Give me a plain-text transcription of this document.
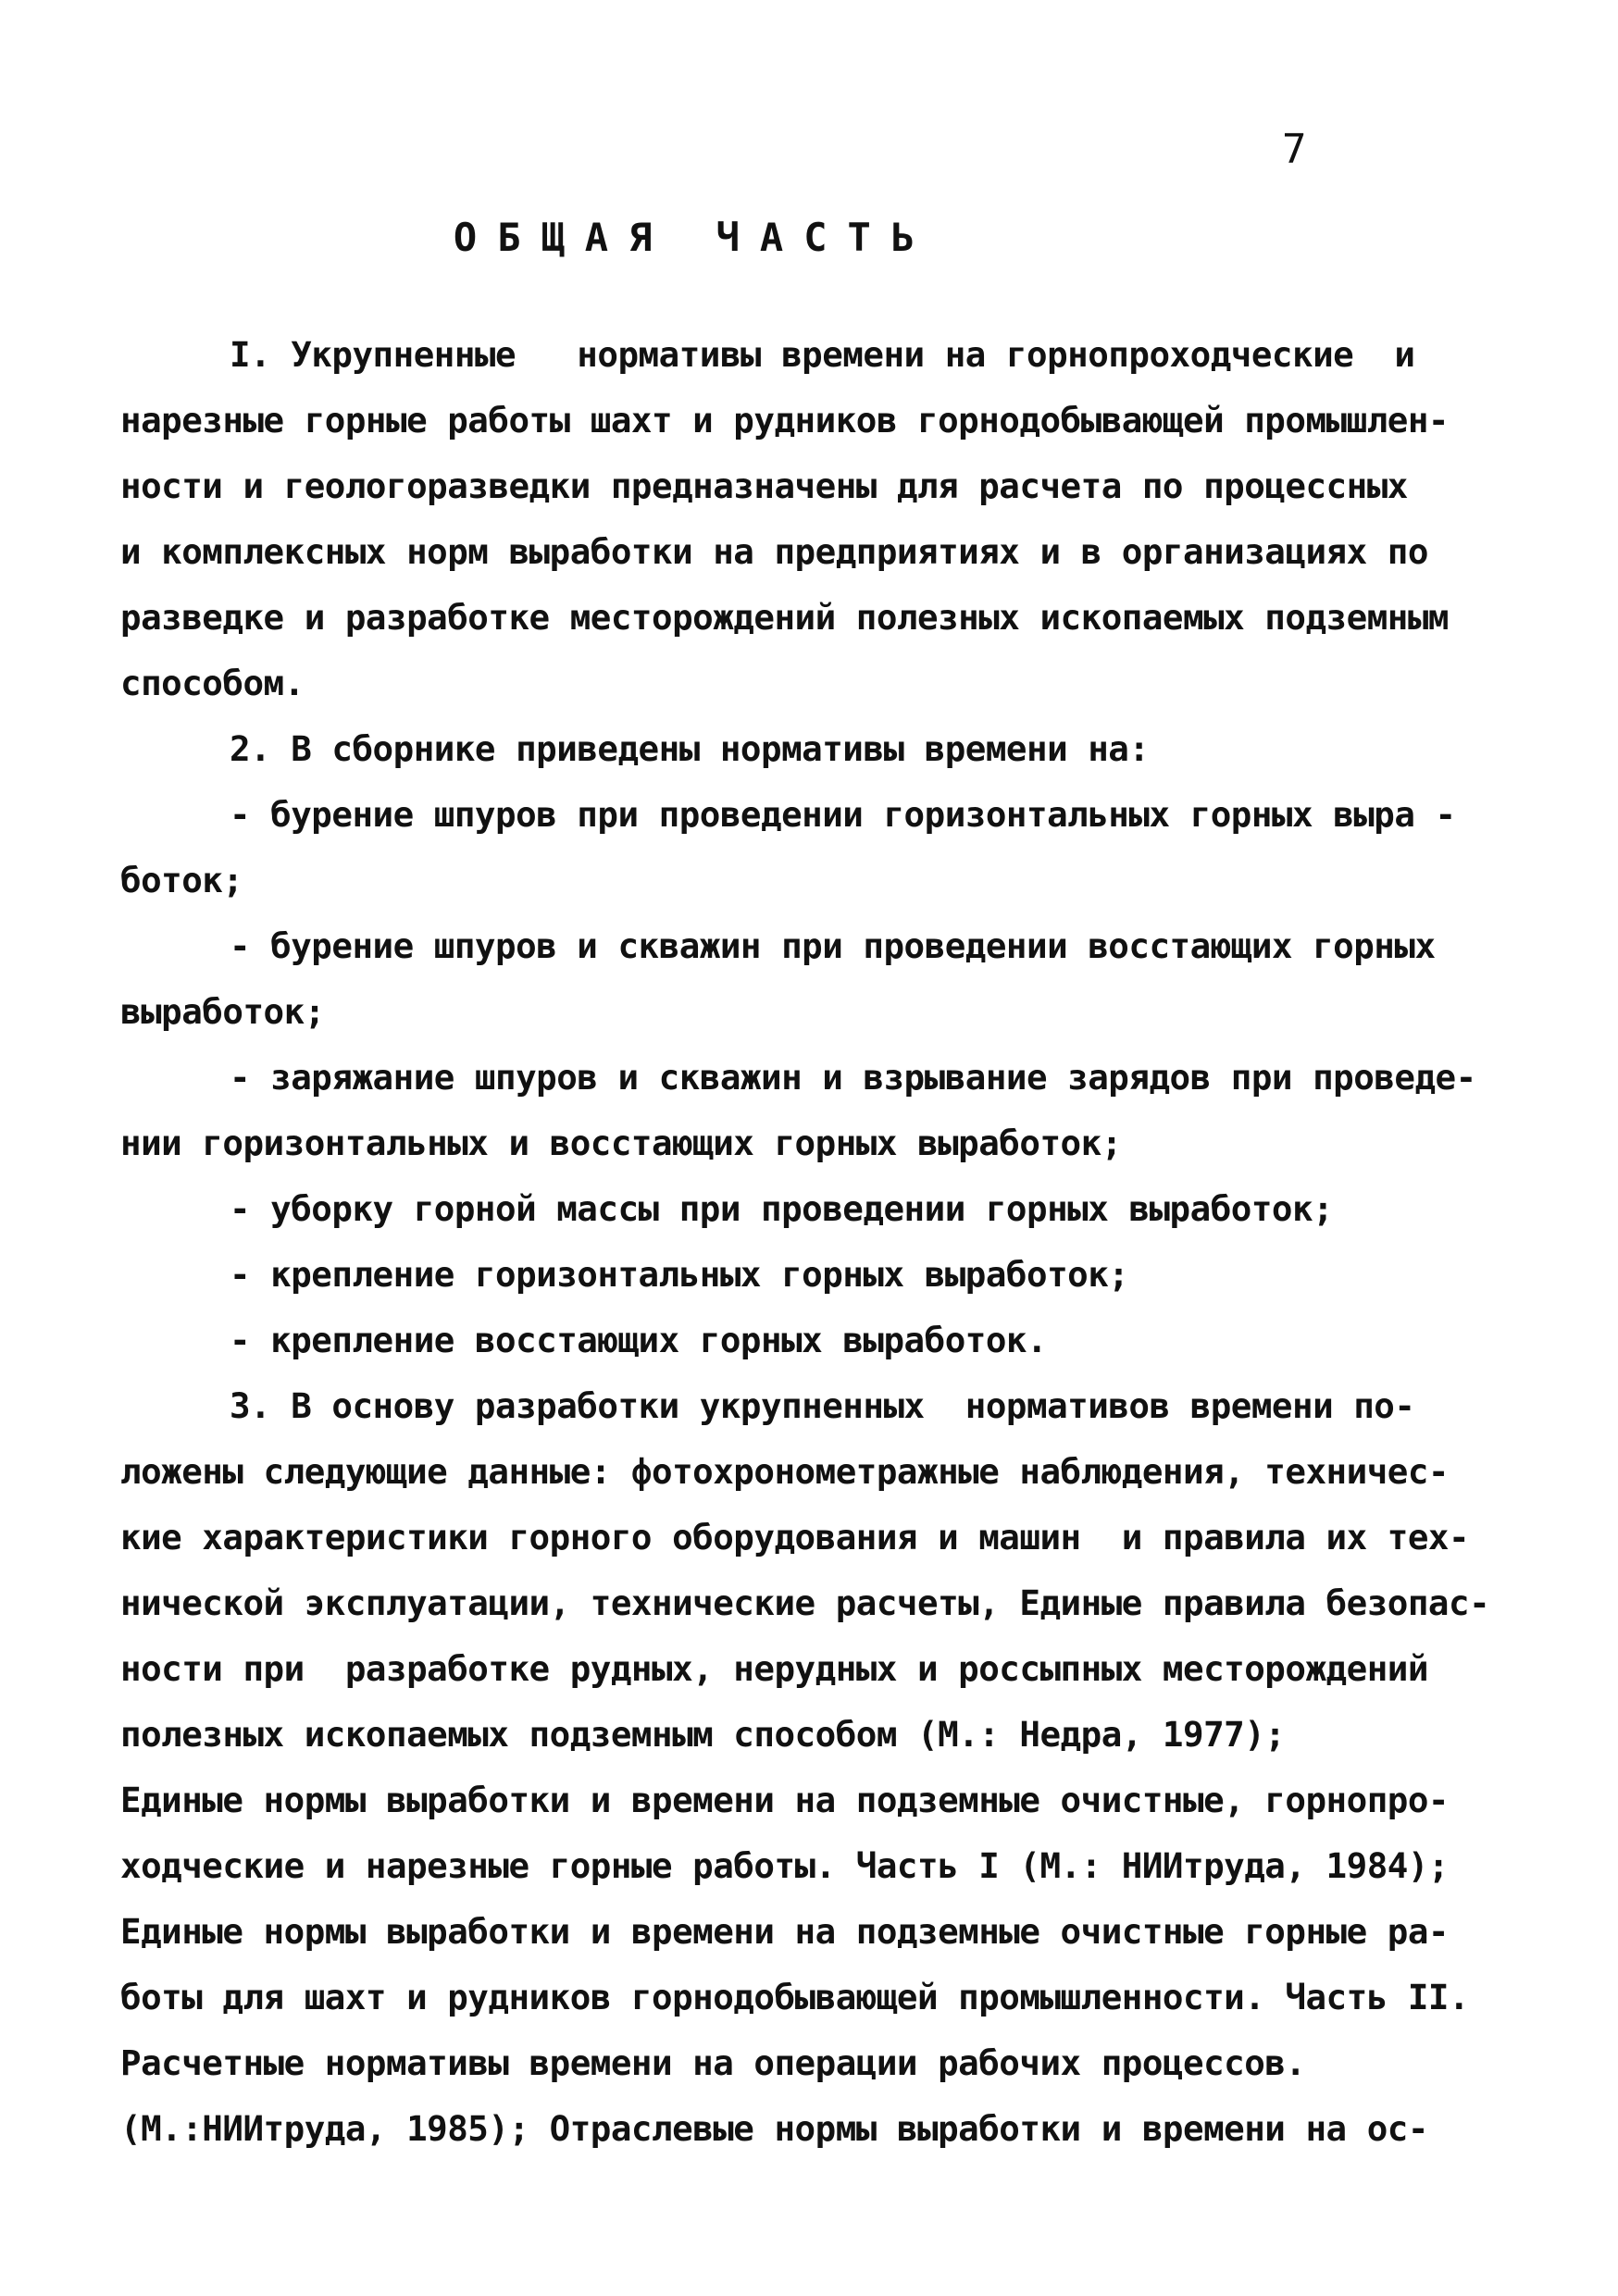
7
ОБЩАЯ ЧАСТЬ
I. Укрупненные   нормативы времени на горнопроходческие  и
нарезные горные работы шахт и рудников горнодобывающей промышлен-
ности и геологоразведки предназначены для расчета по процессных
и комплексных норм выработки на предприятиях и в организациях по
разведке и разработке месторождений полезных ископаемых подземным
способом.
2. В сборнике приведены нормативы времени на:
- бурение шпуров при проведении горизонтальных горных выра -
боток;
- бурение шпуров и скважин при проведении восстающих горных
выработок;
- заряжание шпуров и скважин и взрывание зарядов при проведе-
нии горизонтальных и восстающих горных выработок;
- уборку горной массы при проведении горных выработок;
- крепление горизонтальных горных выработок;
- крепление восстающих горных выработок.
3. В основу разработки укрупненных  нормативов времени по-
ложены следующие данные: фотохронометражные наблюдения, техничес-
кие характеристики горного оборудования и машин  и правила их тех-
нической эксплуатации, технические расчеты, Единые правила безопас-
ности при  разработке рудных, нерудных и россыпных месторождений
полезных ископаемых подземным способом (М.: Недра, 1977);
Единые нормы выработки и времени на подземные очистные, горнопро-
ходческие и нарезные горные работы. Часть I (М.: НИИтруда, 1984);
Единые нормы выработки и времени на подземные очистные горные ра-
боты для шахт и рудников горнодобывающей промышленности. Часть II.
Расчетные нормативы времени на операции рабочих процессов.
(М.:НИИтруда, 1985); Отраслевые нормы выработки и времени на ос-
